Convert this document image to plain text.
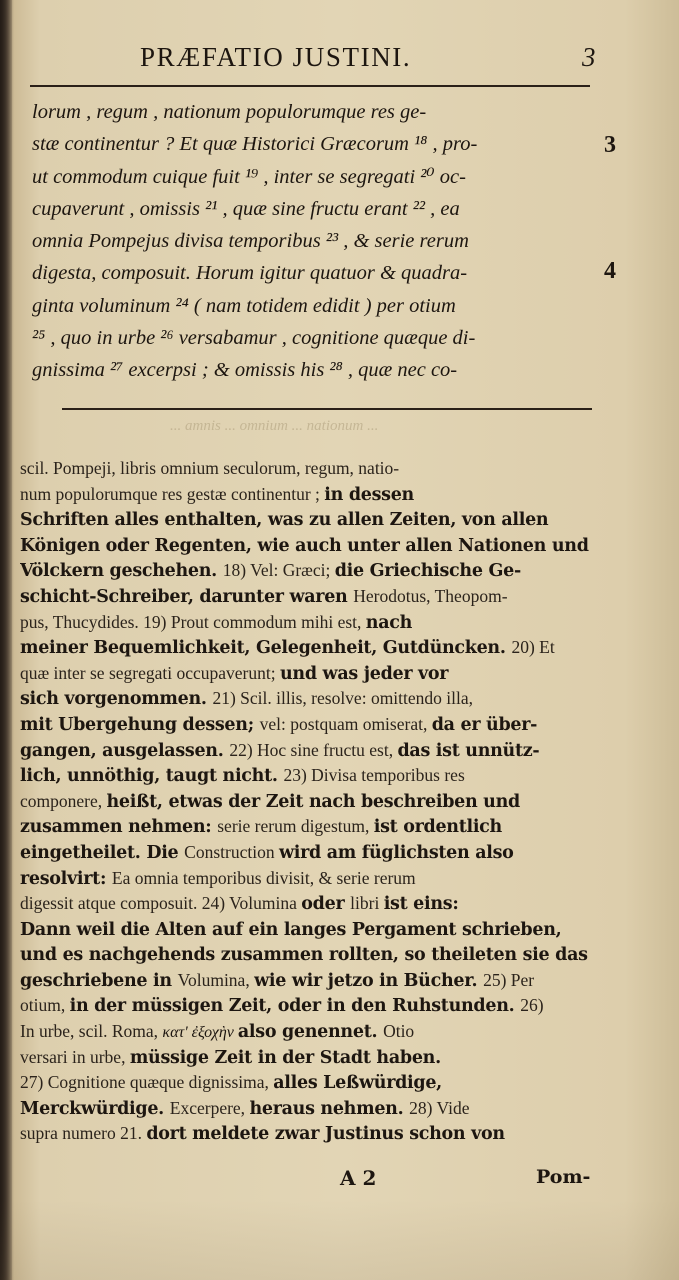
PRÆFATIO JUSTINI.	3
lorum , regum , nationum populorumque res ge-
stæ continentur ? Et quæ Historici Græcorum ¹⁸ , pro-
ut commodum cuique fuit ¹⁹ , inter se segregati ²⁰ oc-
cupaverunt , omissis ²¹ , quæ sine fructu erant ²² , ea
omnia Pompejus divisa temporibus ²³ , & serie rerum
digesta, composuit. Horum igitur quatuor & quadra-
ginta voluminum ²⁴ ( nam totidem edidit ) per otium
²⁵ , quo in urbe ²⁶ versabamur , cognitione quæque di-
gnissima ²⁷ excerpsi ; & omissis his ²⁸ , quæ nec co-
3
4
... amnis ... omnium ... nationum ...
scil. Pompeji, libris omnium seculorum, regum, natio-
num populorumque res gestæ continentur ; in dessen
Schriften alles enthalten, was zu allen Zeiten, von allen
Königen oder Regenten, wie auch unter allen Nationen und
Völckern geschehen. 18) Vel: Græci; die Griechische Ge-
schicht-Schreiber, darunter waren Herodotus, Theopom-
pus, Thucydides. 19) Prout commodum mihi est, nach
meiner Bequemlichkeit, Gelegenheit, Gutdüncken. 20) Et
quæ inter se segregati occupaverunt; und was jeder vor
sich vorgenommen. 21) Scil. illis, resolve: omittendo illa,
mit Ubergehung dessen; vel: postquam omiserat, da er über-
gangen, ausgelassen. 22) Hoc sine fructu est, das ist unnütz-
lich, unnöthig, taugt nicht. 23) Divisa temporibus res
componere, heißt, etwas der Zeit nach beschreiben und
zusammen nehmen: serie rerum digestum, ist ordentlich
eingetheilet. Die Construction wird am füglichsten also
resolvirt: Ea omnia temporibus divisit, & serie rerum
digessit atque composuit. 24) Volumina oder libri ist eins:
Dann weil die Alten auf ein langes Pergament schrieben,
und es nachgehends zusammen rollten, so theileten sie das
geschriebene in Volumina, wie wir jetzo in Bücher. 25) Per
otium, in der müssigen Zeit, oder in den Ruhstunden. 26)
In urbe, scil. Roma, κατ' ἐξοχὴν also genennet. Otio
versari in urbe, müssige Zeit in der Stadt haben.
27) Cognitione quæque dignissima, alles Leßwürdige,
Merckwürdige. Excerpere, heraus nehmen. 28) Vide
supra numero 21. dort meldete zwar Justinus schon von
A 2	Pom-
